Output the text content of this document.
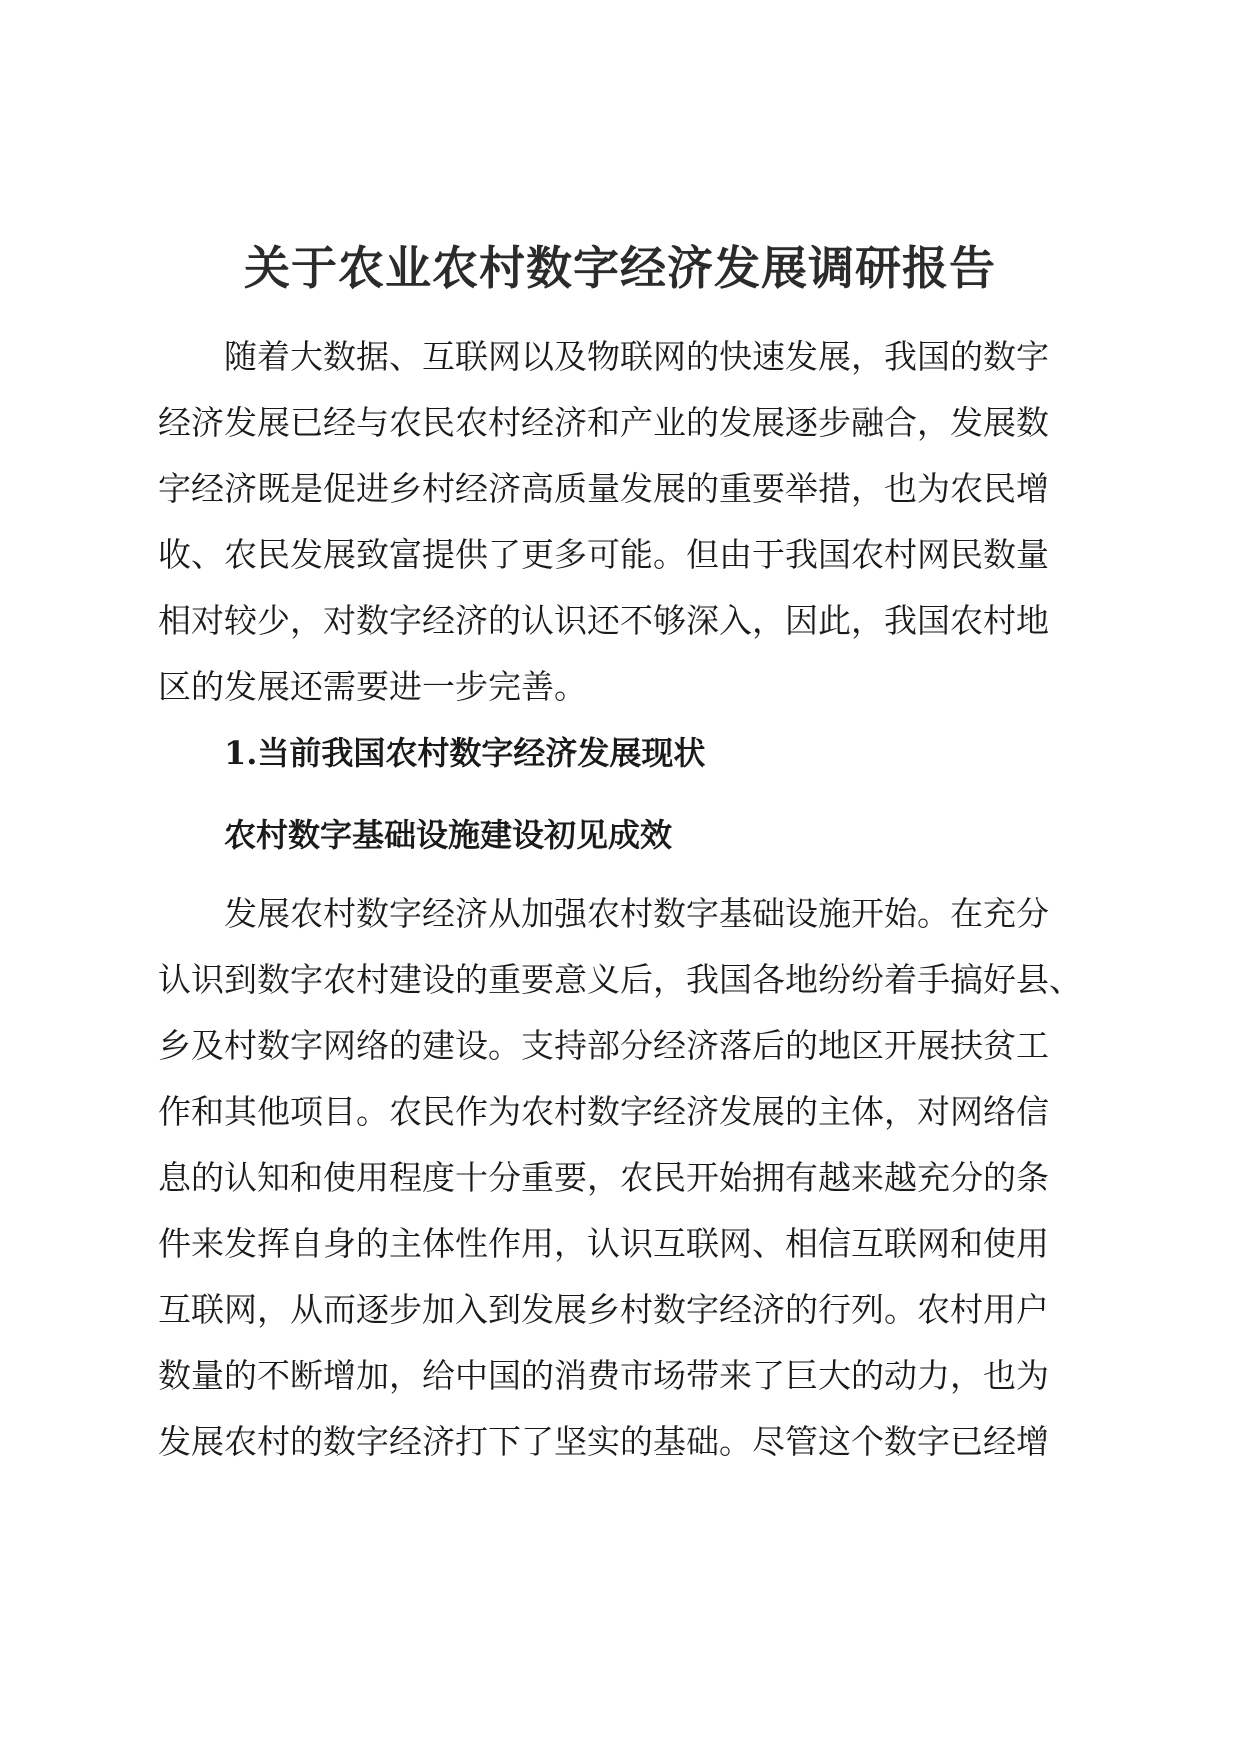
关于农业农村数字经济发展调研报告
　　随着大数据、互联网以及物联网的快速发展，我国的数字
经济发展已经与农民农村经济和产业的发展逐步融合，发展数
字经济既是促进乡村经济高质量发展的重要举措，也为农民增
收、农民发展致富提供了更多可能。但由于我国农村网民数量
相对较少，对数字经济的认识还不够深入，因此，我国农村地
区的发展还需要进一步完善。
1.当前我国农村数字经济发展现状
农村数字基础设施建设初见成效
　　发展农村数字经济从加强农村数字基础设施开始。在充分
认识到数字农村建设的重要意义后，我国各地纷纷着手搞好县、
乡及村数字网络的建设。支持部分经济落后的地区开展扶贫工
作和其他项目。农民作为农村数字经济发展的主体，对网络信
息的认知和使用程度十分重要，农民开始拥有越来越充分的条
件来发挥自身的主体性作用，认识互联网、相信互联网和使用
互联网，从而逐步加入到发展乡村数字经济的行列。农村用户
数量的不断增加，给中国的消费市场带来了巨大的动力，也为
发展农村的数字经济打下了坚实的基础。尽管这个数字已经增
